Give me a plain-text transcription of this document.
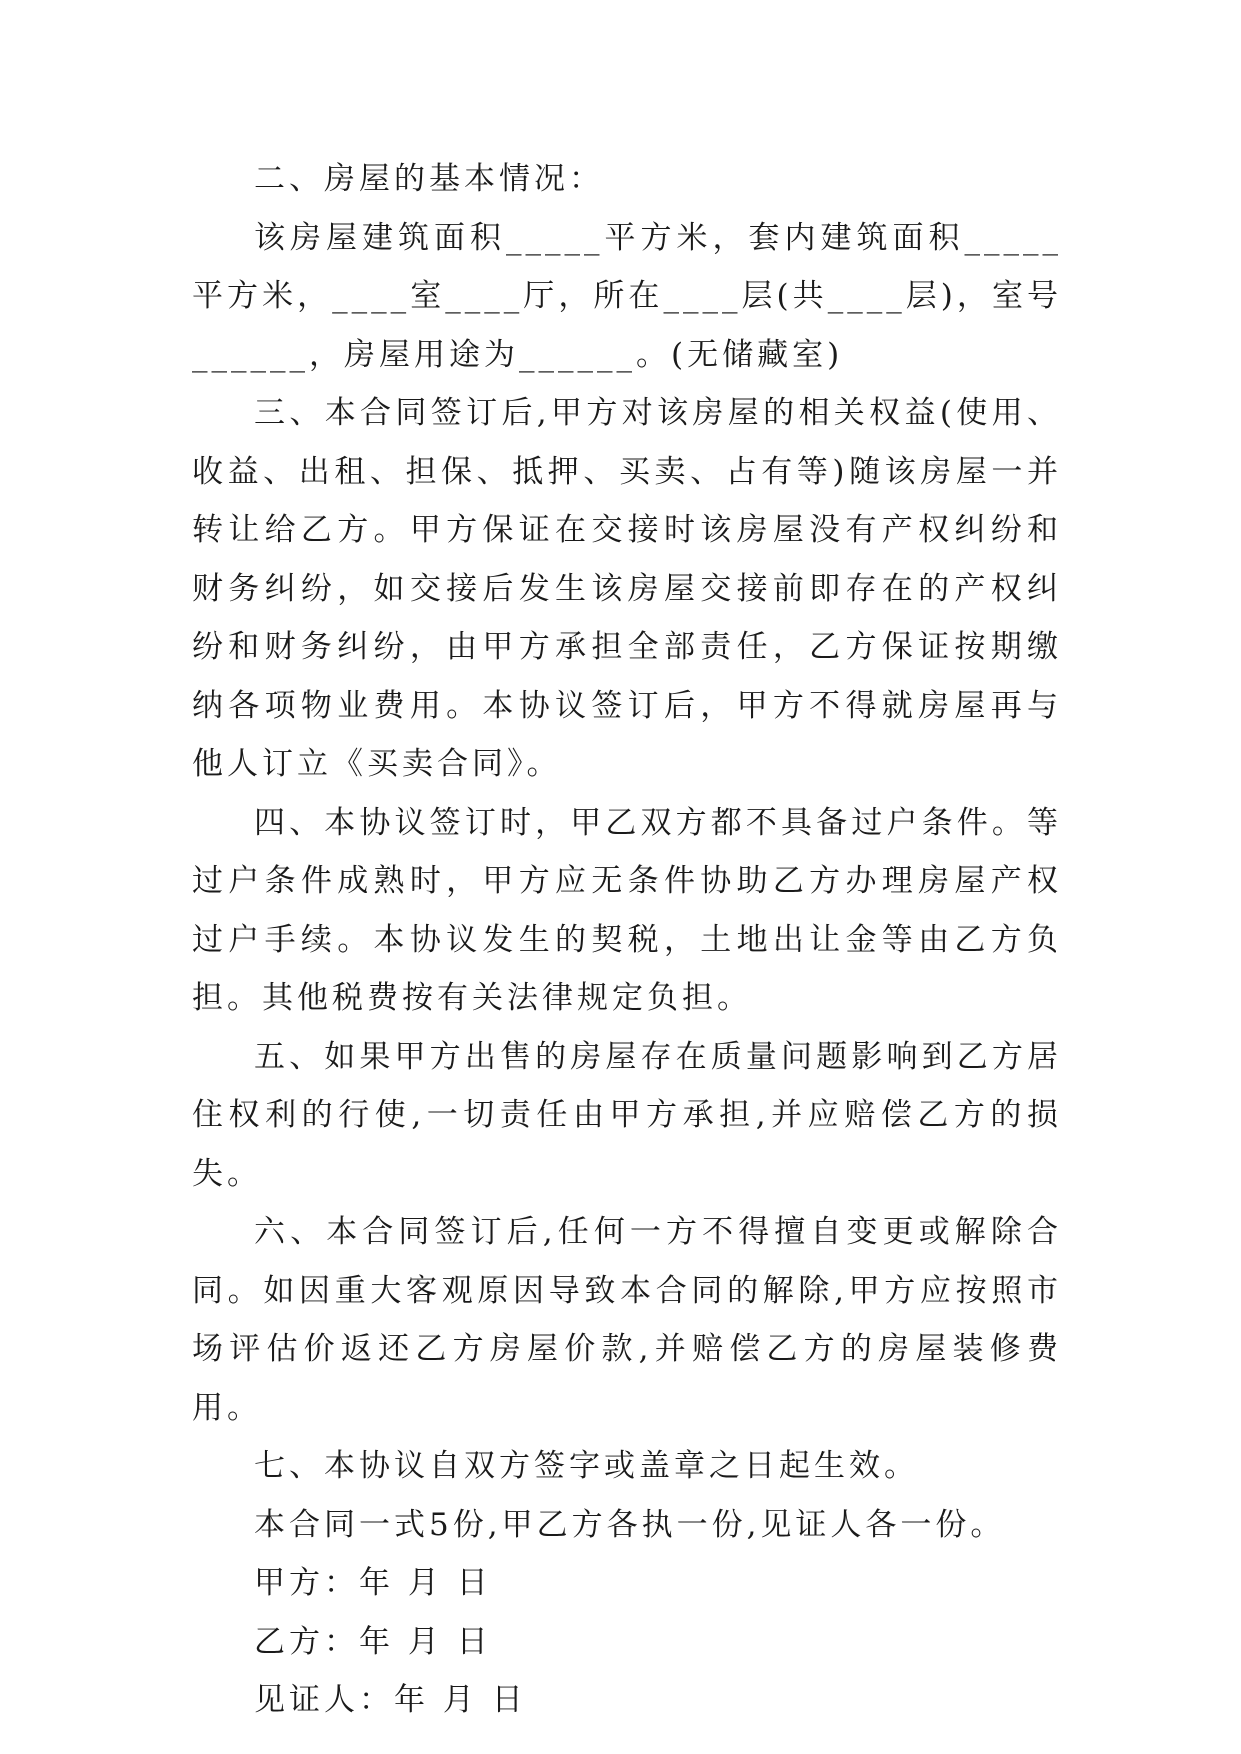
二、房屋的基本情况：

该房屋建筑面积_____平方米，套内建筑面积_____平方米，____室____厅，所在____层(共____层)，室号______，房屋用途为______。(无储藏室)

三、本合同签订后,甲方对该房屋的相关权益(使用、收益、出租、担保、抵押、买卖、占有等)随该房屋一并转让给乙方。甲方保证在交接时该房屋没有产权纠纷和财务纠纷，如交接后发生该房屋交接前即存在的产权纠纷和财务纠纷，由甲方承担全部责任，乙方保证按期缴纳各项物业费用。本协议签订后，甲方不得就房屋再与他人订立《买卖合同》。

四、本协议签订时，甲乙双方都不具备过户条件。等过户条件成熟时，甲方应无条件协助乙方办理房屋产权过户手续。本协议发生的契税，土地出让金等由乙方负担。其他税费按有关法律规定负担。

五、如果甲方出售的房屋存在质量问题影响到乙方居住权利的行使,一切责任由甲方承担,并应赔偿乙方的损失。

六、本合同签订后,任何一方不得擅自变更或解除合同。如因重大客观原因导致本合同的解除,甲方应按照市场评估价返还乙方房屋价款,并赔偿乙方的房屋装修费用。

七、本协议自双方签字或盖章之日起生效。

本合同一式5份,甲乙方各执一份,见证人各一份。

甲方：年 月 日

乙方：年 月 日

见证人：年 月 日
